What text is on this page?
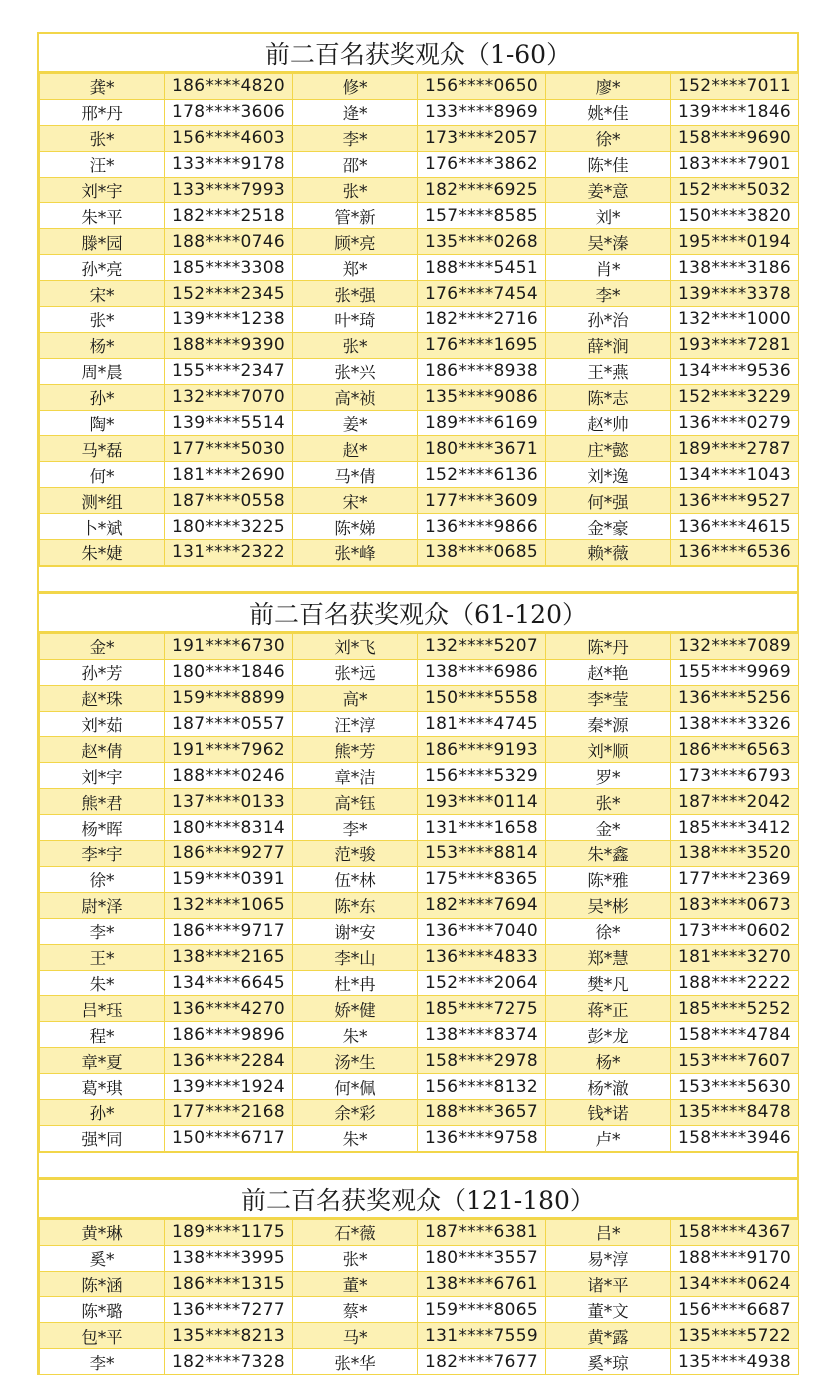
前二百名获奖观众（1-60）
龚*	186****4820	修*	156****0650	廖*	152****7011
邢*丹	178****3606	逄*	133****8969	姚*佳	139****1846
张*	156****4603	李*	173****2057	徐*	158****9690
汪*	133****9178	邵*	176****3862	陈*佳	183****7901
刘*宇	133****7993	张*	182****6925	姜*意	152****5032
朱*平	182****2518	管*新	157****8585	刘*	150****3820
滕*园	188****0746	顾*亮	135****0268	吴*溱	195****0194
孙*亮	185****3308	郑*	188****5451	肖*	138****3186
宋*	152****2345	张*强	176****7454	李*	139****3378
张*	139****1238	叶*琦	182****2716	孙*治	132****1000
杨*	188****9390	张*	176****1695	薛*涧	193****7281
周*晨	155****2347	张*兴	186****8938	王*燕	134****9536
孙*	132****7070	高*祯	135****9086	陈*志	152****3229
陶*	139****5514	姜*	189****6169	赵*帅	136****0279
马*磊	177****5030	赵*	180****3671	庄*懿	189****2787
何*	181****2690	马*倩	152****6136	刘*逸	134****1043
测*组	187****0558	宋*	177****3609	何*强	136****9527
卜*斌	180****3225	陈*娣	136****9866	金*豪	136****4615
朱*婕	131****2322	张*峰	138****0685	赖*薇	136****6536
前二百名获奖观众（61-120）
金*	191****6730	刘*飞	132****5207	陈*丹	132****7089
孙*芳	180****1846	张*远	138****6986	赵*艳	155****9969
赵*珠	159****8899	高*	150****5558	李*莹	136****5256
刘*茹	187****0557	汪*淳	181****4745	秦*源	138****3326
赵*倩	191****7962	熊*芳	186****9193	刘*顺	186****6563
刘*宇	188****0246	章*洁	156****5329	罗*	173****6793
熊*君	137****0133	高*钰	193****0114	张*	187****2042
杨*晖	180****8314	李*	131****1658	金*	185****3412
李*宇	186****9277	范*骏	153****8814	朱*鑫	138****3520
徐*	159****0391	伍*林	175****8365	陈*雅	177****2369
尉*泽	132****1065	陈*东	182****7694	吴*彬	183****0673
李*	186****9717	谢*安	136****7040	徐*	173****0602
王*	138****2165	李*山	136****4833	郑*慧	181****3270
朱*	134****6645	杜*冉	152****2064	樊*凡	188****2222
吕*珏	136****4270	娇*健	185****7275	蒋*正	185****5252
程*	186****9896	朱*	138****8374	彭*龙	158****4784
章*夏	136****2284	汤*生	158****2978	杨*	153****7607
葛*琪	139****1924	何*佩	156****8132	杨*澈	153****5630
孙*	177****2168	余*彩	188****3657	钱*诺	135****8478
强*同	150****6717	朱*	136****9758	卢*	158****3946
前二百名获奖观众（121-180）
黄*琳	189****1175	石*薇	187****6381	吕*	158****4367
奚*	138****3995	张*	180****3557	易*淳	188****9170
陈*涵	186****1315	董*	138****6761	诸*平	134****0624
陈*璐	136****7277	蔡*	159****8065	董*文	156****6687
包*平	135****8213	马*	131****7559	黄*露	135****5722
李*	182****7328	张*华	182****7677	奚*琼	135****4938
